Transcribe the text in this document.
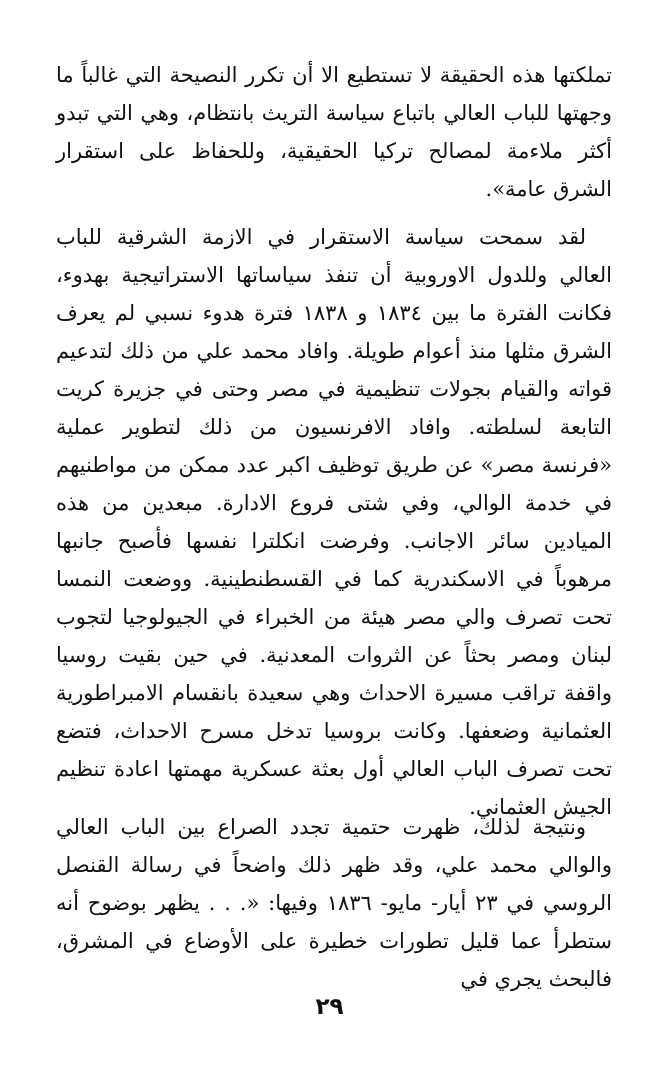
تملكتها هذه الحقيقة لا تستطيع الا أن تكرر النصيحة التي غالباً ما وجهتها للباب العالي باتباع سياسة التريث بانتظام، وهي التي تبدو أكثر ملاءمة لمصالح تركيا الحقيقية، وللحفاظ على استقرار الشرق عامة».

لقد سمحت سياسة الاستقرار في الازمة الشرقية للباب العالي وللدول الاوروبية أن تنفذ سياساتها الاستراتيجية بهدوء، فكانت الفترة ما بين ١٨٣٤ و ١٨٣٨ فترة هدوء نسبي لم يعرف الشرق مثلها منذ أعوام طويلة. وافاد محمد علي من ذلك لتدعيم قواته والقيام بجولات تنظيمية في مصر وحتى في جزيرة كريت التابعة لسلطته. وافاد الافرنسيون من ذلك لتطوير عملية «فرنسة مصر» عن طريق توظيف اكبر عدد ممكن من مواطنيهم في خدمة الوالي، وفي شتى فروع الادارة. مبعدين من هذه الميادين سائر الاجانب. وفرضت انكلترا نفسها فأصبح جانبها مرهوباً في الاسكندرية كما في القسطنطينية. ووضعت النمسا تحت تصرف والي مصر هيئة من الخبراء في الجيولوجيا لتجوب لبنان ومصر بحثاً عن الثروات المعدنية. في حين بقيت روسيا واقفة تراقب مسيرة الاحداث وهي سعيدة بانقسام الامبراطورية العثمانية وضعفها. وكانت بروسيا تدخل مسرح الاحداث، فتضع تحت تصرف الباب العالي أول بعثة عسكرية مهمتها اعادة تنظيم الجيش العثماني.

ونتيجة لذلك، ظهرت حتمية تجدد الصراع بين الباب العالي والوالي محمد علي، وقد ظهر ذلك واضحاً في رسالة القنصل الروسي في ٢٣ أيار- مايو- ١٨٣٦ وفيها: «. . . يظهر بوضوح أنه ستطرأ عما قليل تطورات خطيرة على الأوضاع في المشرق، فالبحث يجري في

٢٩
